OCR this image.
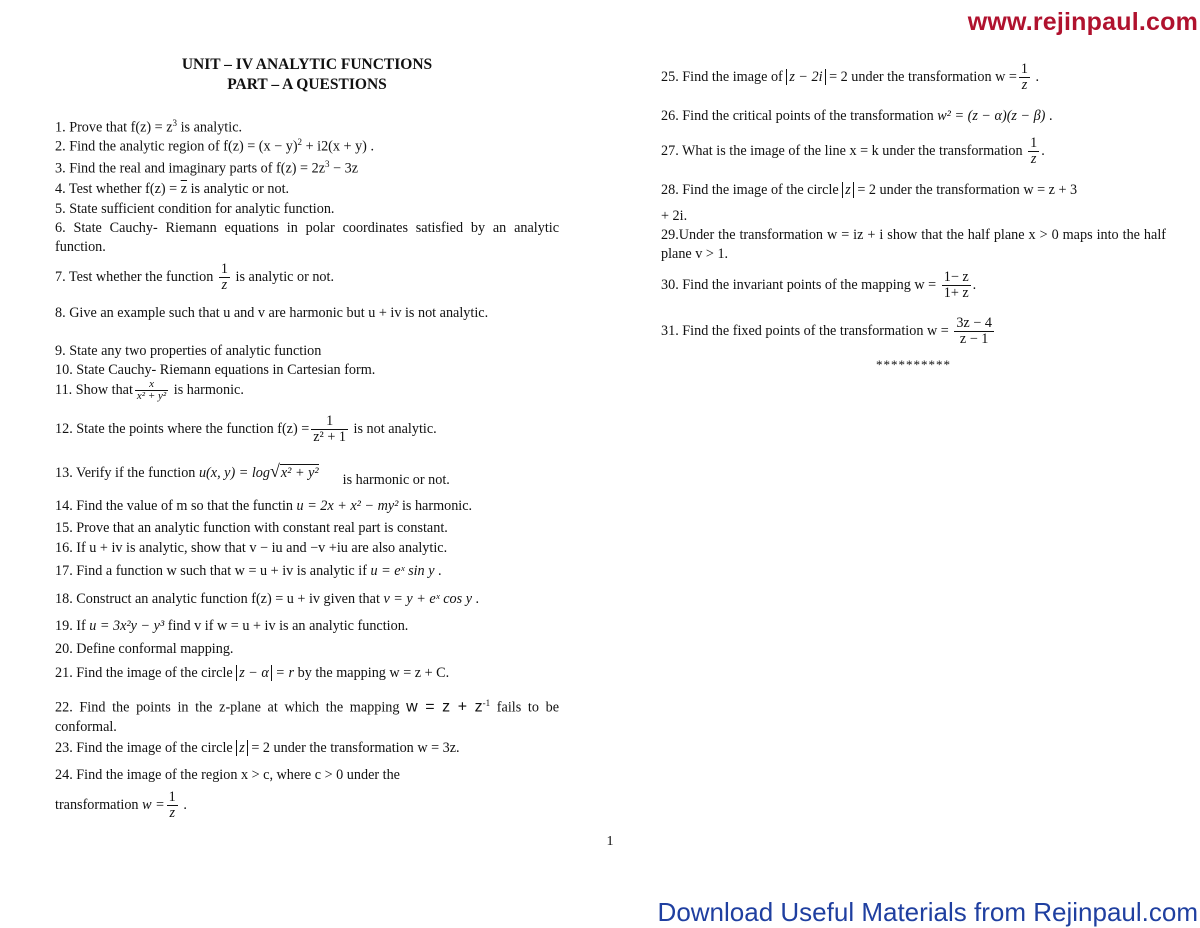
www.rejinpaul.com
UNIT – IV ANALYTIC FUNCTIONS
PART – A QUESTIONS
1. Prove that $f(z) = z^3$ is analytic.
2. Find the analytic region of $f(z) = (x - y)^2 + i2(x + y)$ .
3. Find the real and imaginary parts of $f(z) = 2z^3 - 3z$
4. Test whether $f(z) = \overline{z}$ is analytic or not.
5. State sufficient condition for analytic function.
6. State Cauchy- Riemann equations in polar coordinates satisfied by an analytic function.
7. Test whether the function $\frac{1}{z}$ is analytic or not.
8. Give an example such that u and v are harmonic but u + iv is not analytic.
9. State any two properties of analytic function
10. State Cauchy- Riemann equations in Cartesian form.
11. Show that $\frac{x}{\text{x² + y²}}$ is harmonic.
12. State the points where the function $f(z) = \frac{1}{\text{z² + 1}}$ is not analytic.
13. Verify if the function u(x, y) = log√x² + y²is harmonic or not.
14. Find the value of m so that the functin u = 2x + x² − my² is harmonic.
15. Prove that an analytic function with constant real part is constant.
16. If u + iv is analytic, show that v − iu and −v +iu are also analytic.
17. Find a function w such that w = u + iv is analytic if u = eˣ sin y .
18. Construct an analytic function f(z) = u + iv given that v = y + eˣ cos y .
19. If u = 3x²y − y³ find v if w = u + iv is an analytic function.
20. Define conformal mapping.
21. Find the image of the circle z − α = r by the mapping w = z + C.
22. Find the points in the z-plane at which the mapping $w = z + z^{-1}$ fails to be conformal.
23. Find the image of the circle z = 2 under the transformation w = 3z.
24. Find the image of the region x > c, where c > 0 under the
transformation $w = \frac{1}{z}$ .
25. Find the image of z − 2i = 2 under the transformation $w = \frac{1}{z}$ .
26. Find the critical points of the transformation w² = (z − α)(z − β) .
27. What is the image of the line x = k under the transformation $\frac{1}{z}$ .
28. Find the image of the circle z = 2 under the transformation w = z + 3
+ 2i.
29.Under the transformation w = iz + i show that the half plane x > 0 maps into the half plane v > 1.
30. Find the invariant points of the mapping $w = \frac{1- z}{1+ z}$ .
31. Find the fixed points of the transformation $w = \frac{3z - 4}{z - 1}$
**********
1
Download Useful Materials from Rejinpaul.com
